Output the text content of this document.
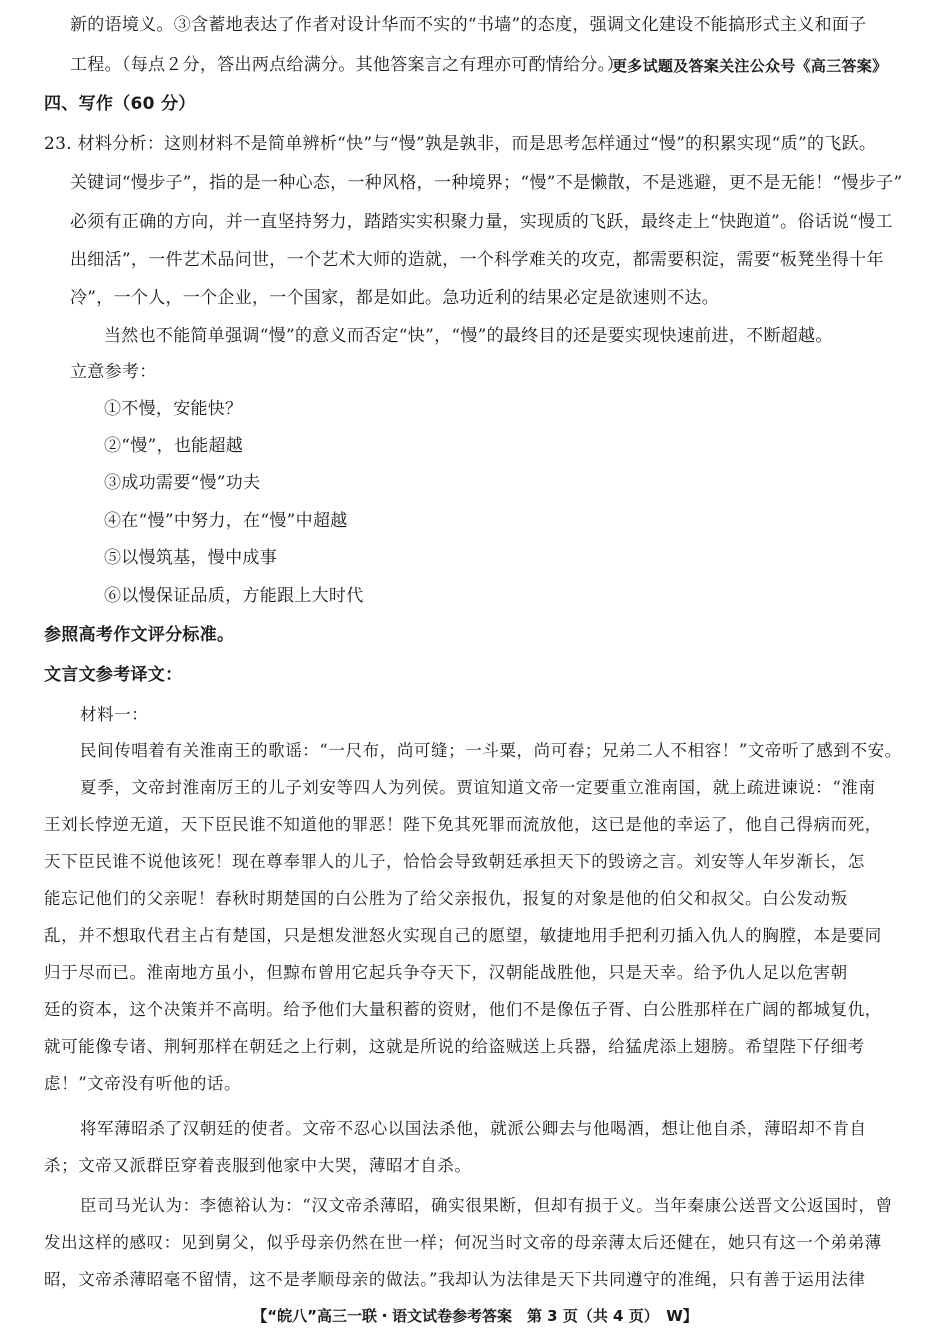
新的语境义。③含蓄地表达了作者对设计华而不实的“书墙”的态度，强调文化建设不能搞形式主义和面子
工程。（每点２分，答出两点给满分。其他答案言之有理亦可酌情给分。）
更多试题及答案关注公众号《高三答案》
四、写作（60 分）
23. 材料分析：这则材料不是简单辨析“快”与“慢”孰是孰非，而是思考怎样通过“慢”的积累实现“质”的飞跃。
关键词“慢步子”，指的是一种心态，一种风格，一种境界；“慢”不是懒散，不是逃避，更不是无能！“慢步子”
必须有正确的方向，并一直坚持努力，踏踏实实积聚力量，实现质的飞跃，最终走上“快跑道”。俗话说“慢工
出细活”，一件艺术品问世，一个艺术大师的造就，一个科学难关的攻克，都需要积淀，需要“板凳坐得十年
冷”，一个人，一个企业，一个国家，都是如此。急功近利的结果必定是欲速则不达。
当然也不能简单强调“慢”的意义而否定“快”，“慢”的最终目的还是要实现快速前进，不断超越。
立意参考：
①不慢，安能快？
②“慢”，也能超越
③成功需要“慢”功夫
④在“慢”中努力，在“慢”中超越
⑤以慢筑基，慢中成事
⑥以慢保证品质，方能跟上大时代
参照高考作文评分标准。
文言文参考译文：
材料一：
民间传唱着有关淮南王的歌谣：“一尺布，尚可缝；一斗粟，尚可舂；兄弟二人不相容！”文帝听了感到不安。
夏季，文帝封淮南厉王的儿子刘安等四人为列侯。贾谊知道文帝一定要重立淮南国，就上疏进谏说：“淮南
王刘长悖逆无道，天下臣民谁不知道他的罪恶！陛下免其死罪而流放他，这已是他的幸运了，他自己得病而死，
天下臣民谁不说他该死！现在尊奉罪人的儿子，恰恰会导致朝廷承担天下的毁谤之言。刘安等人年岁渐长，怎
能忘记他们的父亲呢！春秋时期楚国的白公胜为了给父亲报仇，报复的对象是他的伯父和叔父。白公发动叛
乱，并不想取代君主占有楚国，只是想发泄怒火实现自己的愿望，敏捷地用手把利刃插入仇人的胸膛，本是要同
归于尽而已。淮南地方虽小，但黥布曾用它起兵争夺天下，汉朝能战胜他，只是天幸。给予仇人足以危害朝
廷的资本，这个决策并不高明。给予他们大量积蓄的资财，他们不是像伍子胥、白公胜那样在广阔的都城复仇，
就可能像专诸、荆轲那样在朝廷之上行刺，这就是所说的给盗贼送上兵器，给猛虎添上翅膀。希望陛下仔细考
虑！”文帝没有听他的话。
将军薄昭杀了汉朝廷的使者。文帝不忍心以国法杀他，就派公卿去与他喝酒，想让他自杀，薄昭却不肯自
杀；文帝又派群臣穿着丧服到他家中大哭，薄昭才自杀。
臣司马光认为：李德裕认为：“汉文帝杀薄昭，确实很果断，但却有损于义。当年秦康公送晋文公返国时，曾
发出这样的感叹：见到舅父，似乎母亲仍然在世一样；何况当时文帝的母亲薄太后还健在，她只有这一个弟弟薄
昭，文帝杀薄昭毫不留情，这不是孝顺母亲的做法。”我却认为法律是天下共同遵守的准绳，只有善于运用法律
【“皖八”高三一联・语文试卷参考答案　第 3 页（共 4 页）　W】
